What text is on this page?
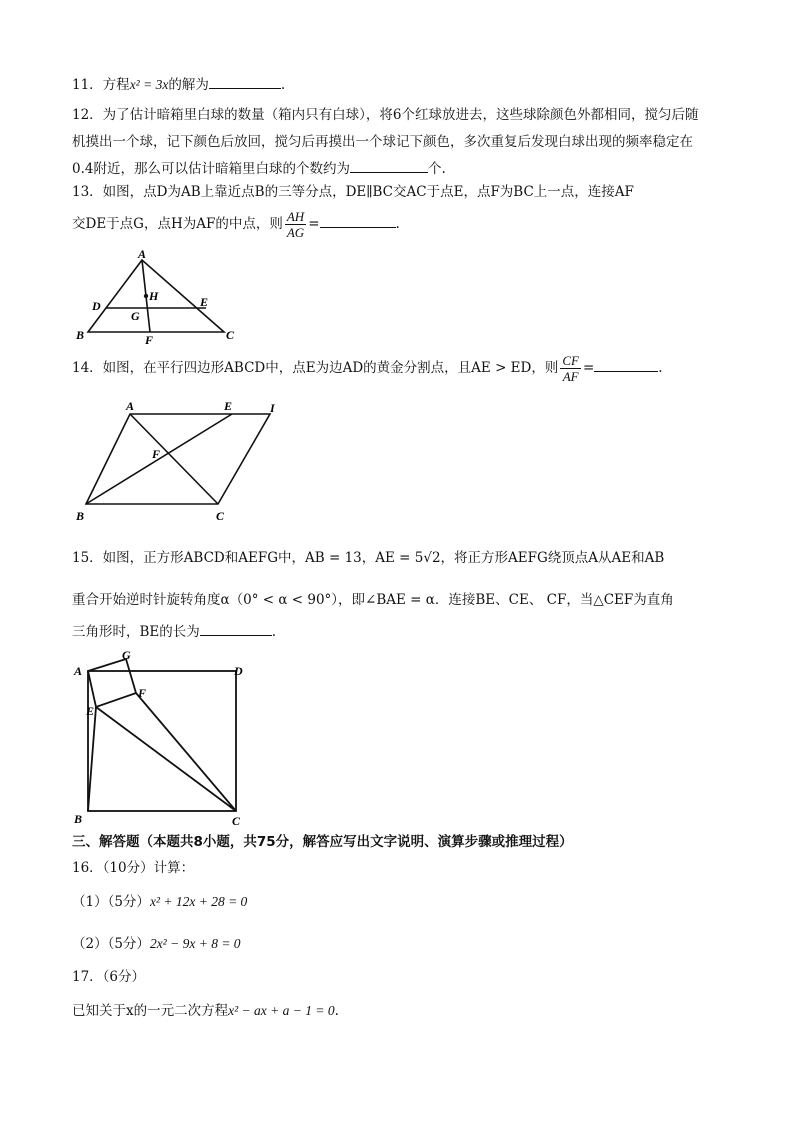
11．方程x² = 3x的解为	.
12．为了估计暗箱里白球的数量（箱内只有白球），将6个红球放进去，这些球除颜色外都相同，搅匀后随
机摸出一个球，记下颜色后放回，搅匀后再摸出一个球记下颜色，多次重复后发现白球出现的频率稳定在
0.4附近，那么可以估计暗箱里白球的个数约为	个.
13．如图，点D为AB上靠近点B的三等分点，DE∥BC交AC于点E，点F为BC上一点，连接AF
交DE于点G，点H为AF的中点，则 $\frac{AH}{AG}$ =	.
A
D	E
H
G
B	C
F
14．如图，在平行四边形ABCD中，点E为边AD的黄金分割点，且AE > ED，则 $\frac{CF}{AF}$ =	.
A	E	I
F
B	C
15．如图，正方形ABCD和AEFG中，AB = 13，AE = 5√2，将正方形AEFG绕顶点A从AE和AB
重合开始逆时针旋转角度α（0° < α < 90°），即∠BAE = α．连接BE、CE、 CF，当△CEF为直角
三角形时，BE的长为	.
A
G
D
F
E
B	C
三、解答题（本题共8小题，共75分，解答应写出文字说明、演算步骤或推理过程）
16．（10分）计算：
（1）（5分）x² + 12x + 28 = 0
（2）（5分）2x² − 9x + 8 = 0
17．（6分）
已知关于x的一元二次方程x² − ax + a − 1 = 0.
